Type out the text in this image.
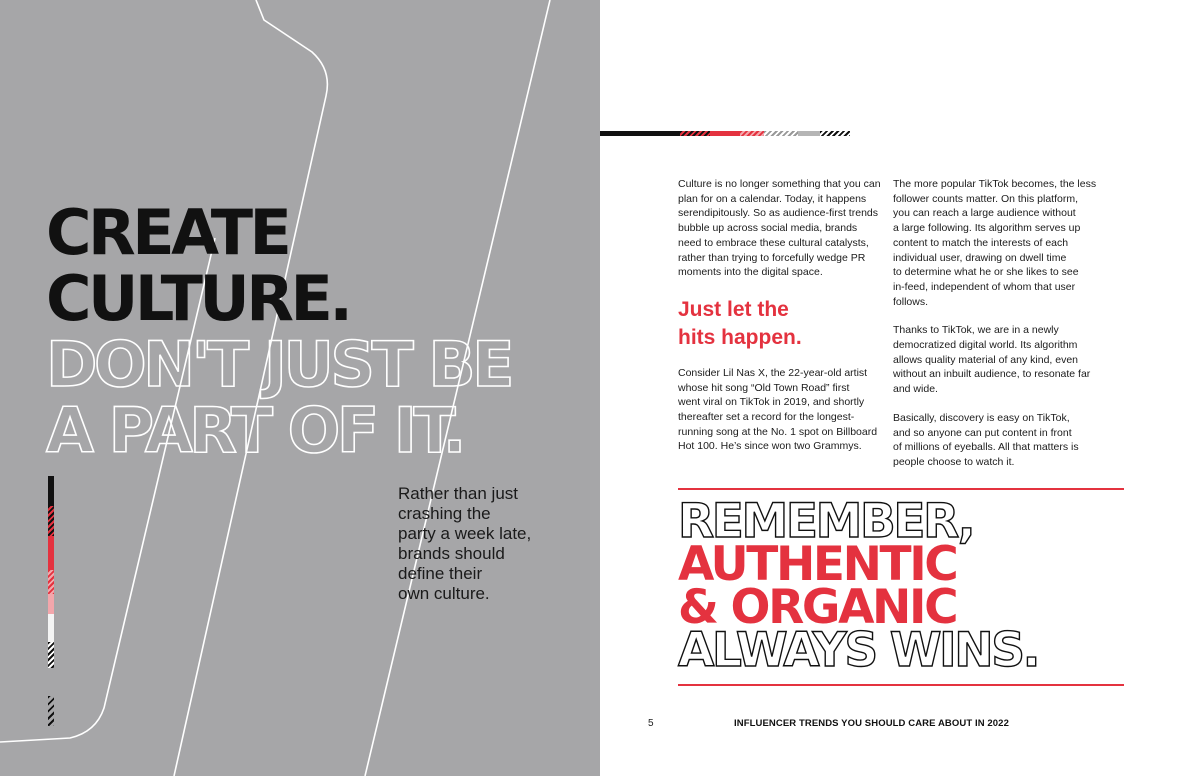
CREATE
CULTURE.
DON'T JUST BE
A PART OF IT.
Rather than just
crashing the
party a week late,
brands should
define their
own culture.
Culture is no longer something that you can
plan for on a calendar. Today, it happens
serendipitously. So as audience-first trends
bubble up across social media, brands
need to embrace these cultural catalysts,
rather than trying to forcefully wedge PR
moments into the digital space.
Just let the
hits happen.
Consider Lil Nas X, the 22-year-old artist
whose hit song “Old Town Road” first
went viral on TikTok in 2019, and shortly
thereafter set a record for the longest-
running song at the No. 1 spot on Billboard
Hot 100. He’s since won two Grammys.
The more popular TikTok becomes, the less
follower counts matter. On this platform,
you can reach a large audience without
a large following. Its algorithm serves up
content to match the interests of each
individual user, drawing on dwell time
to determine what he or she likes to see
in-feed, independent of whom that user
follows.
Thanks to TikTok, we are in a newly
democratized digital world. Its algorithm
allows quality material of any kind, even
without an inbuilt audience, to resonate far
and wide.
Basically, discovery is easy on TikTok,
and so anyone can put content in front
of millions of eyeballs. All that matters is
people choose to watch it.
REMEMBER,
AUTHENTIC
& ORGANIC
ALWAYS WINS.
5	INFLUENCER TRENDS YOU SHOULD CARE ABOUT IN 2022
